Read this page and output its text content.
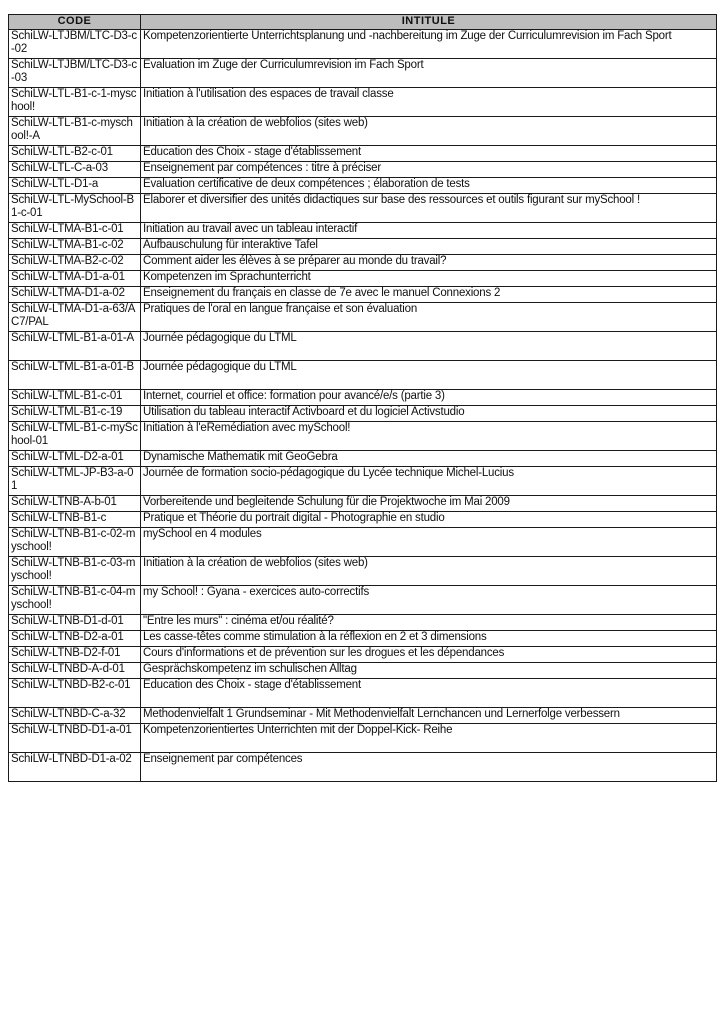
CODE	INTITULE
SchiLW-LTJBM/LTC-D3-c-02	Kompetenzorientierte Unterrichtsplanung und -nachbereitung im Zuge der Curriculumrevision im Fach Sport
SchiLW-LTJBM/LTC-D3-c-03	Evaluation im Zuge der Curriculumrevision im Fach Sport
SchiLW-LTL-B1-c-1-myschool!	Initiation à l'utilisation des espaces de travail classe
SchiLW-LTL-B1-c-myschool!-A	Initiation à la création de webfolios (sites web)
SchiLW-LTL-B2-c-01	Education des Choix - stage d'établissement
SchiLW-LTL-C-a-03	Enseignement par compétences : titre à préciser
SchiLW-LTL-D1-a	Evaluation certificative de deux compétences ; élaboration de tests
SchiLW-LTL-MySchool-B1-c-01	Elaborer et diversifier des unités didactiques sur base des ressources et outils figurant sur mySchool !
SchiLW-LTMA-B1-c-01	Initiation au travail avec un tableau interactif
SchiLW-LTMA-B1-c-02	Aufbauschulung für interaktive Tafel
SchiLW-LTMA-B2-c-02	Comment aider les élèves à se préparer au monde du travail?
SchiLW-LTMA-D1-a-01	Kompetenzen im Sprachunterricht
SchiLW-LTMA-D1-a-02	Enseignement du français en classe de 7e avec le manuel Connexions 2
SchiLW-LTMA-D1-a-63/AC7/PAL	Pratiques de l'oral en langue française et son évaluation
SchiLW-LTML-B1-a-01-A	Journée pédagogique du LTML
SchiLW-LTML-B1-a-01-B	Journée pédagogique du LTML
SchiLW-LTML-B1-c-01	Internet, courriel et office: formation pour avancé/e/s (partie 3)
SchiLW-LTML-B1-c-19	Utilisation du tableau interactif Activboard et du logiciel Activstudio
SchiLW-LTML-B1-c-mySchool-01	Initiation à l'eRemédiation avec mySchool!
SchiLW-LTML-D2-a-01	Dynamische Mathematik mit GeoGebra
SchiLW-LTML-JP-B3-a-01	Journée de formation socio-pédagogique du Lycée technique Michel-Lucius
SchiLW-LTNB-A-b-01	Vorbereitende und begleitende Schulung für die Projektwoche im Mai 2009
SchiLW-LTNB-B1-c	Pratique et Théorie du portrait digital - Photographie en studio
SchiLW-LTNB-B1-c-02-myschool!	mySchool en 4 modules
SchiLW-LTNB-B1-c-03-myschool!	Initiation à la création de webfolios (sites web)
SchiLW-LTNB-B1-c-04-myschool!	my School! : Gyana - exercices auto-correctifs
SchiLW-LTNB-D1-d-01	"Entre les murs" : cinéma et/ou réalité?
SchiLW-LTNB-D2-a-01	Les casse-têtes comme stimulation à la réflexion en 2 et 3 dimensions
SchiLW-LTNB-D2-f-01	Cours d'informations et de prévention sur les drogues et les dépendances
SchiLW-LTNBD-A-d-01	Gesprächskompetenz im schulischen Alltag
SchiLW-LTNBD-B2-c-01	Education des Choix - stage d'établissement
SchiLW-LTNBD-C-a-32	Methodenvielfalt 1 Grundseminar - Mit Methodenvielfalt Lernchancen und Lernerfolge verbessern
SchiLW-LTNBD-D1-a-01	Kompetenzorientiertes Unterrichten mit der Doppel-Kick- Reihe
SchiLW-LTNBD-D1-a-02	Enseignement par compétences
